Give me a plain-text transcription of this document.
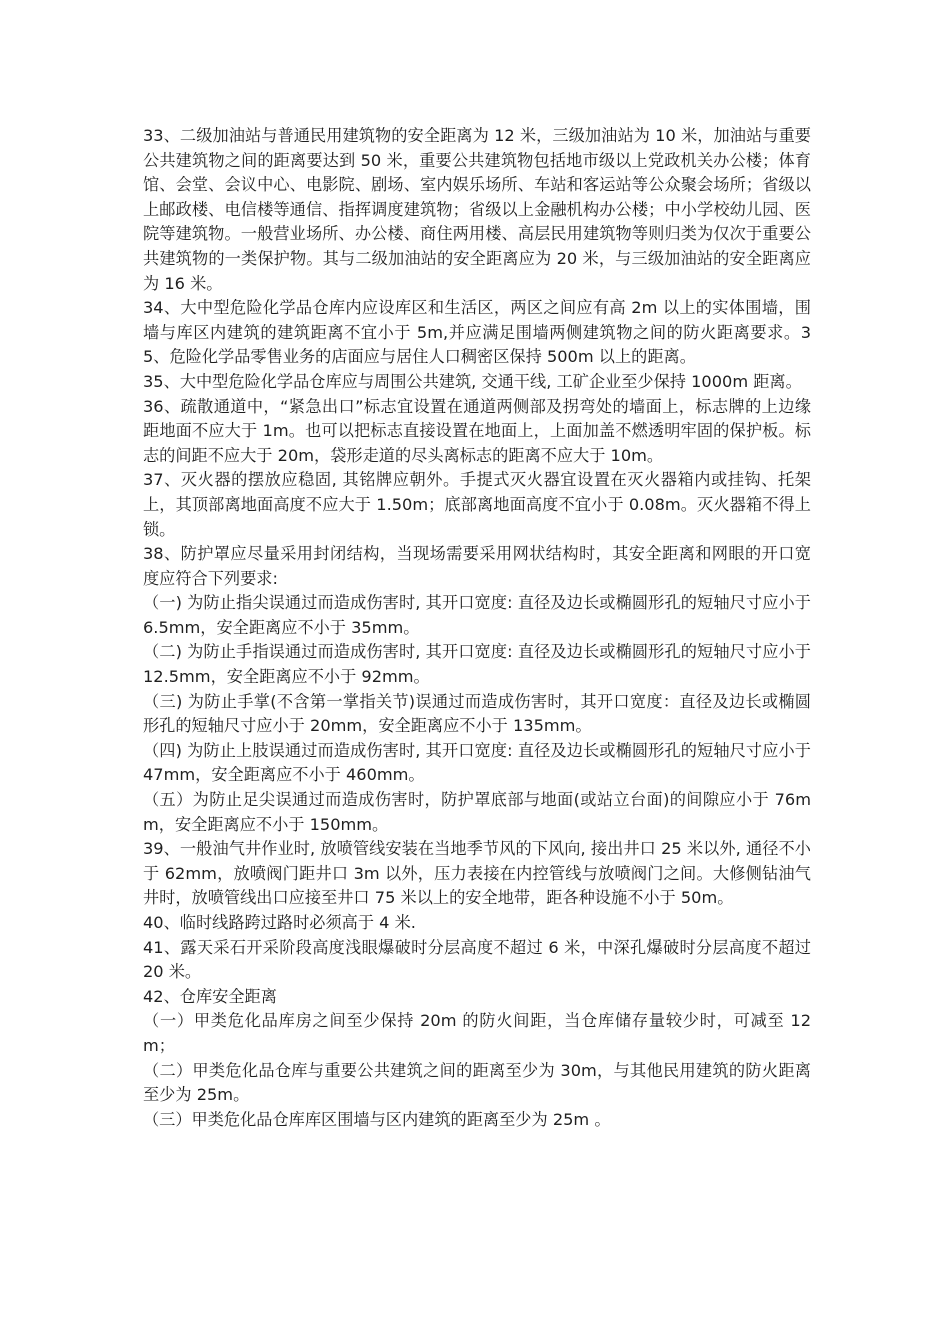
33、二级加油站与普通民用建筑物的安全距离为 12 米，三级加油站为 10 米，加油站与重要公共建筑物之间的距离要达到 50 米，重要公共建筑物包括地市级以上党政机关办公楼；体育馆、会堂、会议中心、电影院、剧场、室内娱乐场所、车站和客运站等公众聚会场所；省级以上邮政楼、电信楼等通信、指挥调度建筑物；省级以上金融机构办公楼；中小学校幼儿园、医院等建筑物。一般营业场所、办公楼、商住两用楼、高层民用建筑物等则归类为仅次于重要公共建筑物的一类保护物。其与二级加油站的安全距离应为 20 米，与三级加油站的安全距离应为 16 米。

34、大中型危险化学品仓库内应设库区和生活区，两区之间应有高 2m 以上的实体围墙，围墙与库区内建筑的建筑距离不宜小于 5m,并应满足围墙两侧建筑物之间的防火距离要求。35、危险化学品零售业务的店面应与居住人口稠密区保持 500m 以上的距离。

35、大中型危险化学品仓库应与周围公共建筑, 交通干线, 工矿企业至少保持 1000m 距离。

36、疏散通道中，“紧急出口”标志宜设置在通道两侧部及拐弯处的墙面上，标志牌的上边缘距地面不应大于 1m。也可以把标志直接设置在地面上，上面加盖不燃透明牢固的保护板。标志的间距不应大于 20m，袋形走道的尽头离标志的距离不应大于 10m。

37、灭火器的摆放应稳固, 其铭牌应朝外。手提式灭火器宜设置在灭火器箱内或挂钩、托架上，其顶部离地面高度不应大于 1.50m；底部离地面高度不宜小于 0.08m。灭火器箱不得上锁。

38、防护罩应尽量采用封闭结构，当现场需要采用网状结构时，其安全距离和网眼的开口宽度应符合下列要求:

（一) 为防止指尖误通过而造成伤害时, 其开口宽度: 直径及边长或椭圆形孔的短轴尺寸应小于 6.5mm，安全距离应不小于 35mm。

（二) 为防止手指误通过而造成伤害时, 其开口宽度: 直径及边长或椭圆形孔的短轴尺寸应小于 12.5mm，安全距离应不小于 92mm。

（三) 为防止手掌(不含第一掌指关节)误通过而造成伤害时，其开口宽度：直径及边长或椭圆形孔的短轴尺寸应小于 20mm，安全距离应不小于 135mm。

（四) 为防止上肢误通过而造成伤害时, 其开口宽度: 直径及边长或椭圆形孔的短轴尺寸应小于 47mm，安全距离应不小于 460mm。

（五）为防止足尖误通过而造成伤害时，防护罩底部与地面(或站立台面)的间隙应小于 76mm，安全距离应不小于 150mm。

39、一般油气井作业时, 放喷管线安装在当地季节风的下风向, 接出井口 25 米以外, 通径不小于 62mm，放喷阀门距井口 3m 以外，压力表接在内控管线与放喷阀门之间。大修侧钻油气井时，放喷管线出口应接至井口 75 米以上的安全地带，距各种设施不小于 50m。

40、临时线路跨过路时必须高于 4 米.

41、露天采石开采阶段高度浅眼爆破时分层高度不超过 6 米，中深孔爆破时分层高度不超过 20 米。

42、仓库安全距离

（一）甲类危化品库房之间至少保持 20m 的防火间距，当仓库储存量较少时，可减至 12m；

（二）甲类危化品仓库与重要公共建筑之间的距离至少为 30m，与其他民用建筑的防火距离至少为 25m。

（三）甲类危化品仓库库区围墙与区内建筑的距离至少为 25m 。
